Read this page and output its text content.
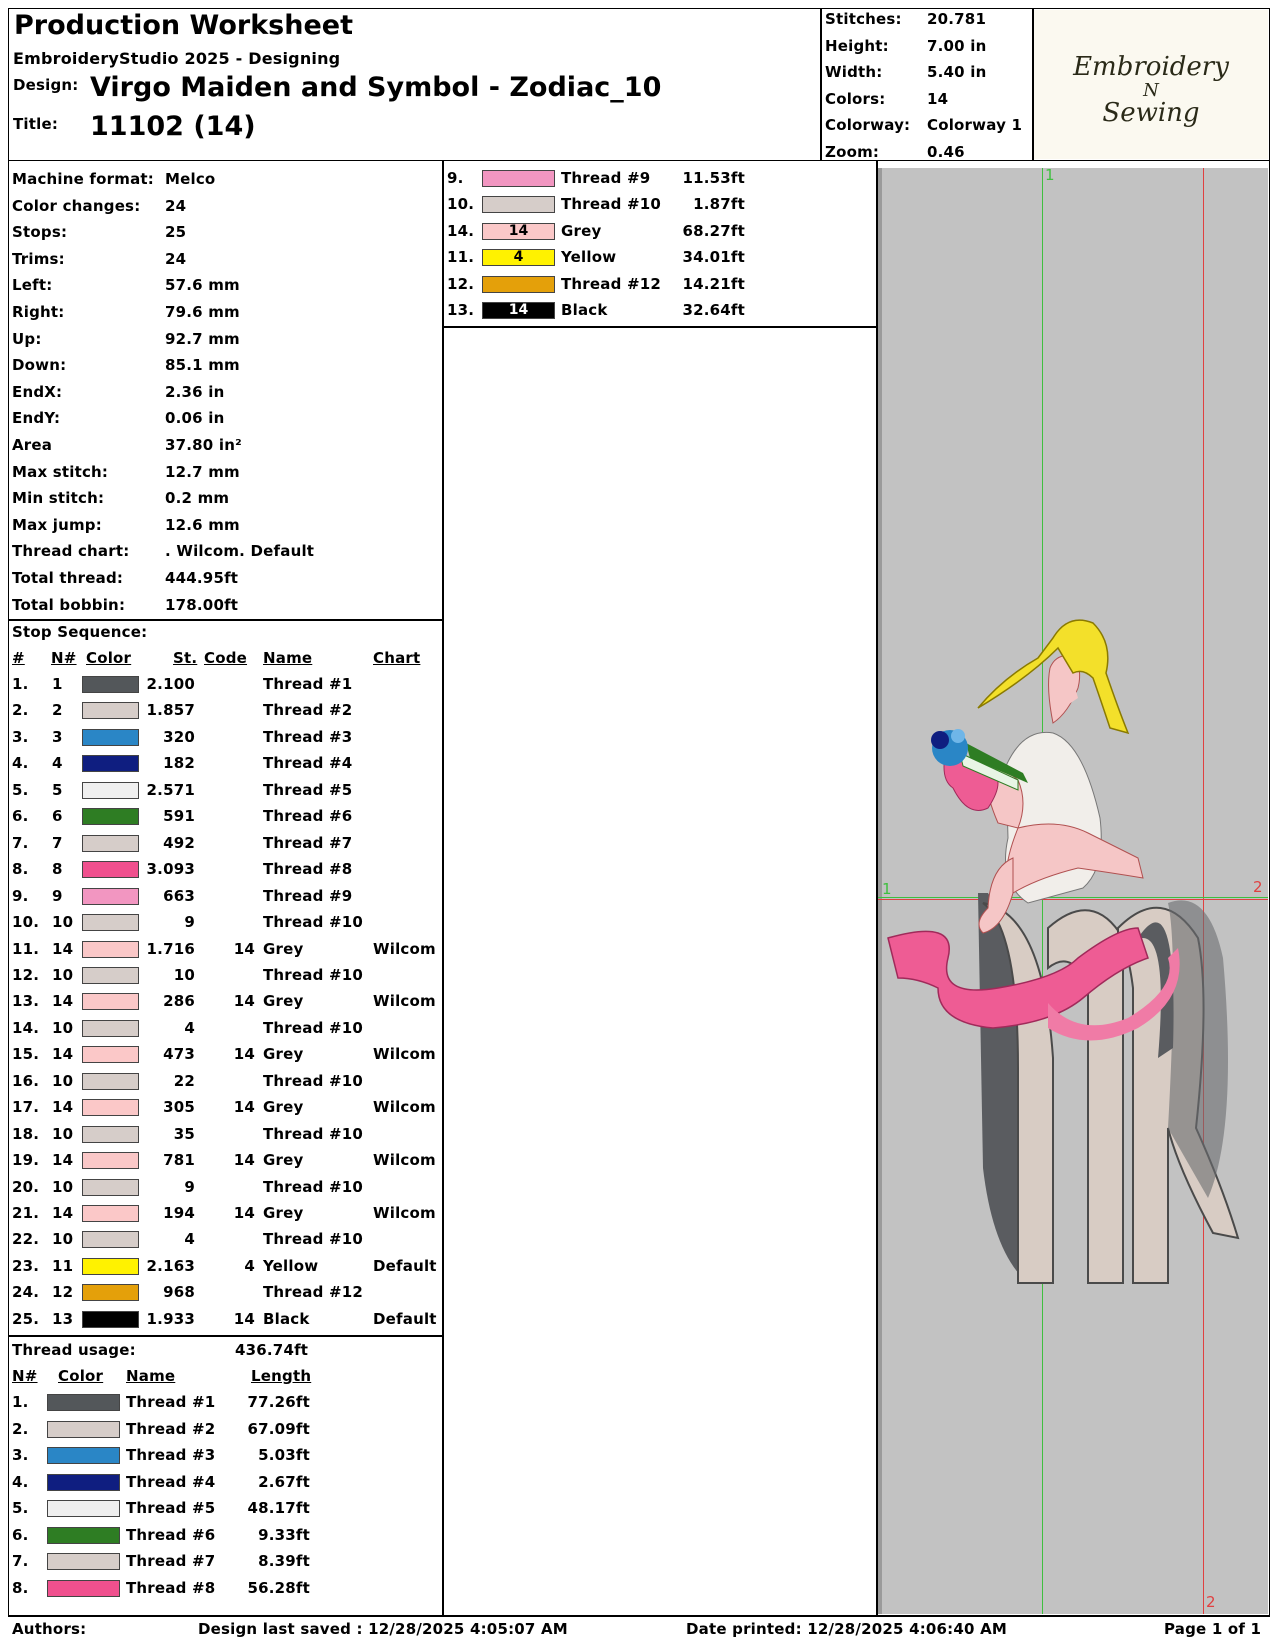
Production Worksheet
EmbroideryStudio 2025 - Designing
Design: Virgo Maiden and Symbol - Zodiac_10
Title: 11102 (14)
Stitches: 20.781
Height:	7.00 in
Width:	5.40 in
Colors:	14
Colorway: Colorway 1
Zoom:	0.46
Embroidery
N
Sewing
Machine format: Melco
Color changes: 24
Stops:	25
Trims:	24
Left:	57.6 mm
Right:	79.6 mm
Up:	92.7 mm
Down:	85.1 mm
EndX:	2.36 in
EndY:	0.06 in
Area	37.80 in²
Max stitch:	12.7 mm
Min stitch:	0.2 mm
Max jump:	12.6 mm
Thread chart: . Wilcom. Default
Total thread:	444.95ft
Total bobbin:	178.00ft
Stop Sequence:
# N# Color	St. Code Name	Chart
1. 1	2.100	Thread #1
2. 2	1.857	Thread #2
3. 3	320	Thread #3
4. 4	182	Thread #4
5. 5	2.571	Thread #5
6. 6	591	Thread #6
7. 7	492	Thread #7
8. 8	3.093	Thread #8
9. 9	663	Thread #9
10. 10	9	Thread #10
11. 14	1.716	14 Grey	Wilcom
12. 10	10	Thread #10
13. 14	286	14 Grey	Wilcom
14. 10	4	Thread #10
15. 14	473	14 Grey	Wilcom
16. 10	22	Thread #10
17. 14	305	14 Grey	Wilcom
18. 10	35	Thread #10
19. 14	781	14 Grey	Wilcom
20. 10	9	Thread #10
21. 14	194	14 Grey	Wilcom
22. 10	4	Thread #10
23. 11	2.163	4 Yellow	Default
24. 12	968	Thread #12
25. 13	1.933	14 Black	Default
Thread usage:	436.74ft
N# Color Name	Length
1.	Thread #1	77.26ft
2.	Thread #2	67.09ft
3.	Thread #3	5.03ft
4.	Thread #4	2.67ft
5.	Thread #5	48.17ft
6.	Thread #6	9.33ft
7.	Thread #7	8.39ft
8.	Thread #8	56.28ft
9.	Thread #9	11.53ft
10.	Thread #10	1.87ft
14.	14	Grey	68.27ft
11.	4	Yellow	34.01ft
12.	Thread #12	14.21ft
13.	14	Black	32.64ft
1
1	2
2
Authors:	Design last saved : 12/28/2025 4:05:07 AM	Date printed: 12/28/2025 4:06:40 AM	Page 1 of 1
